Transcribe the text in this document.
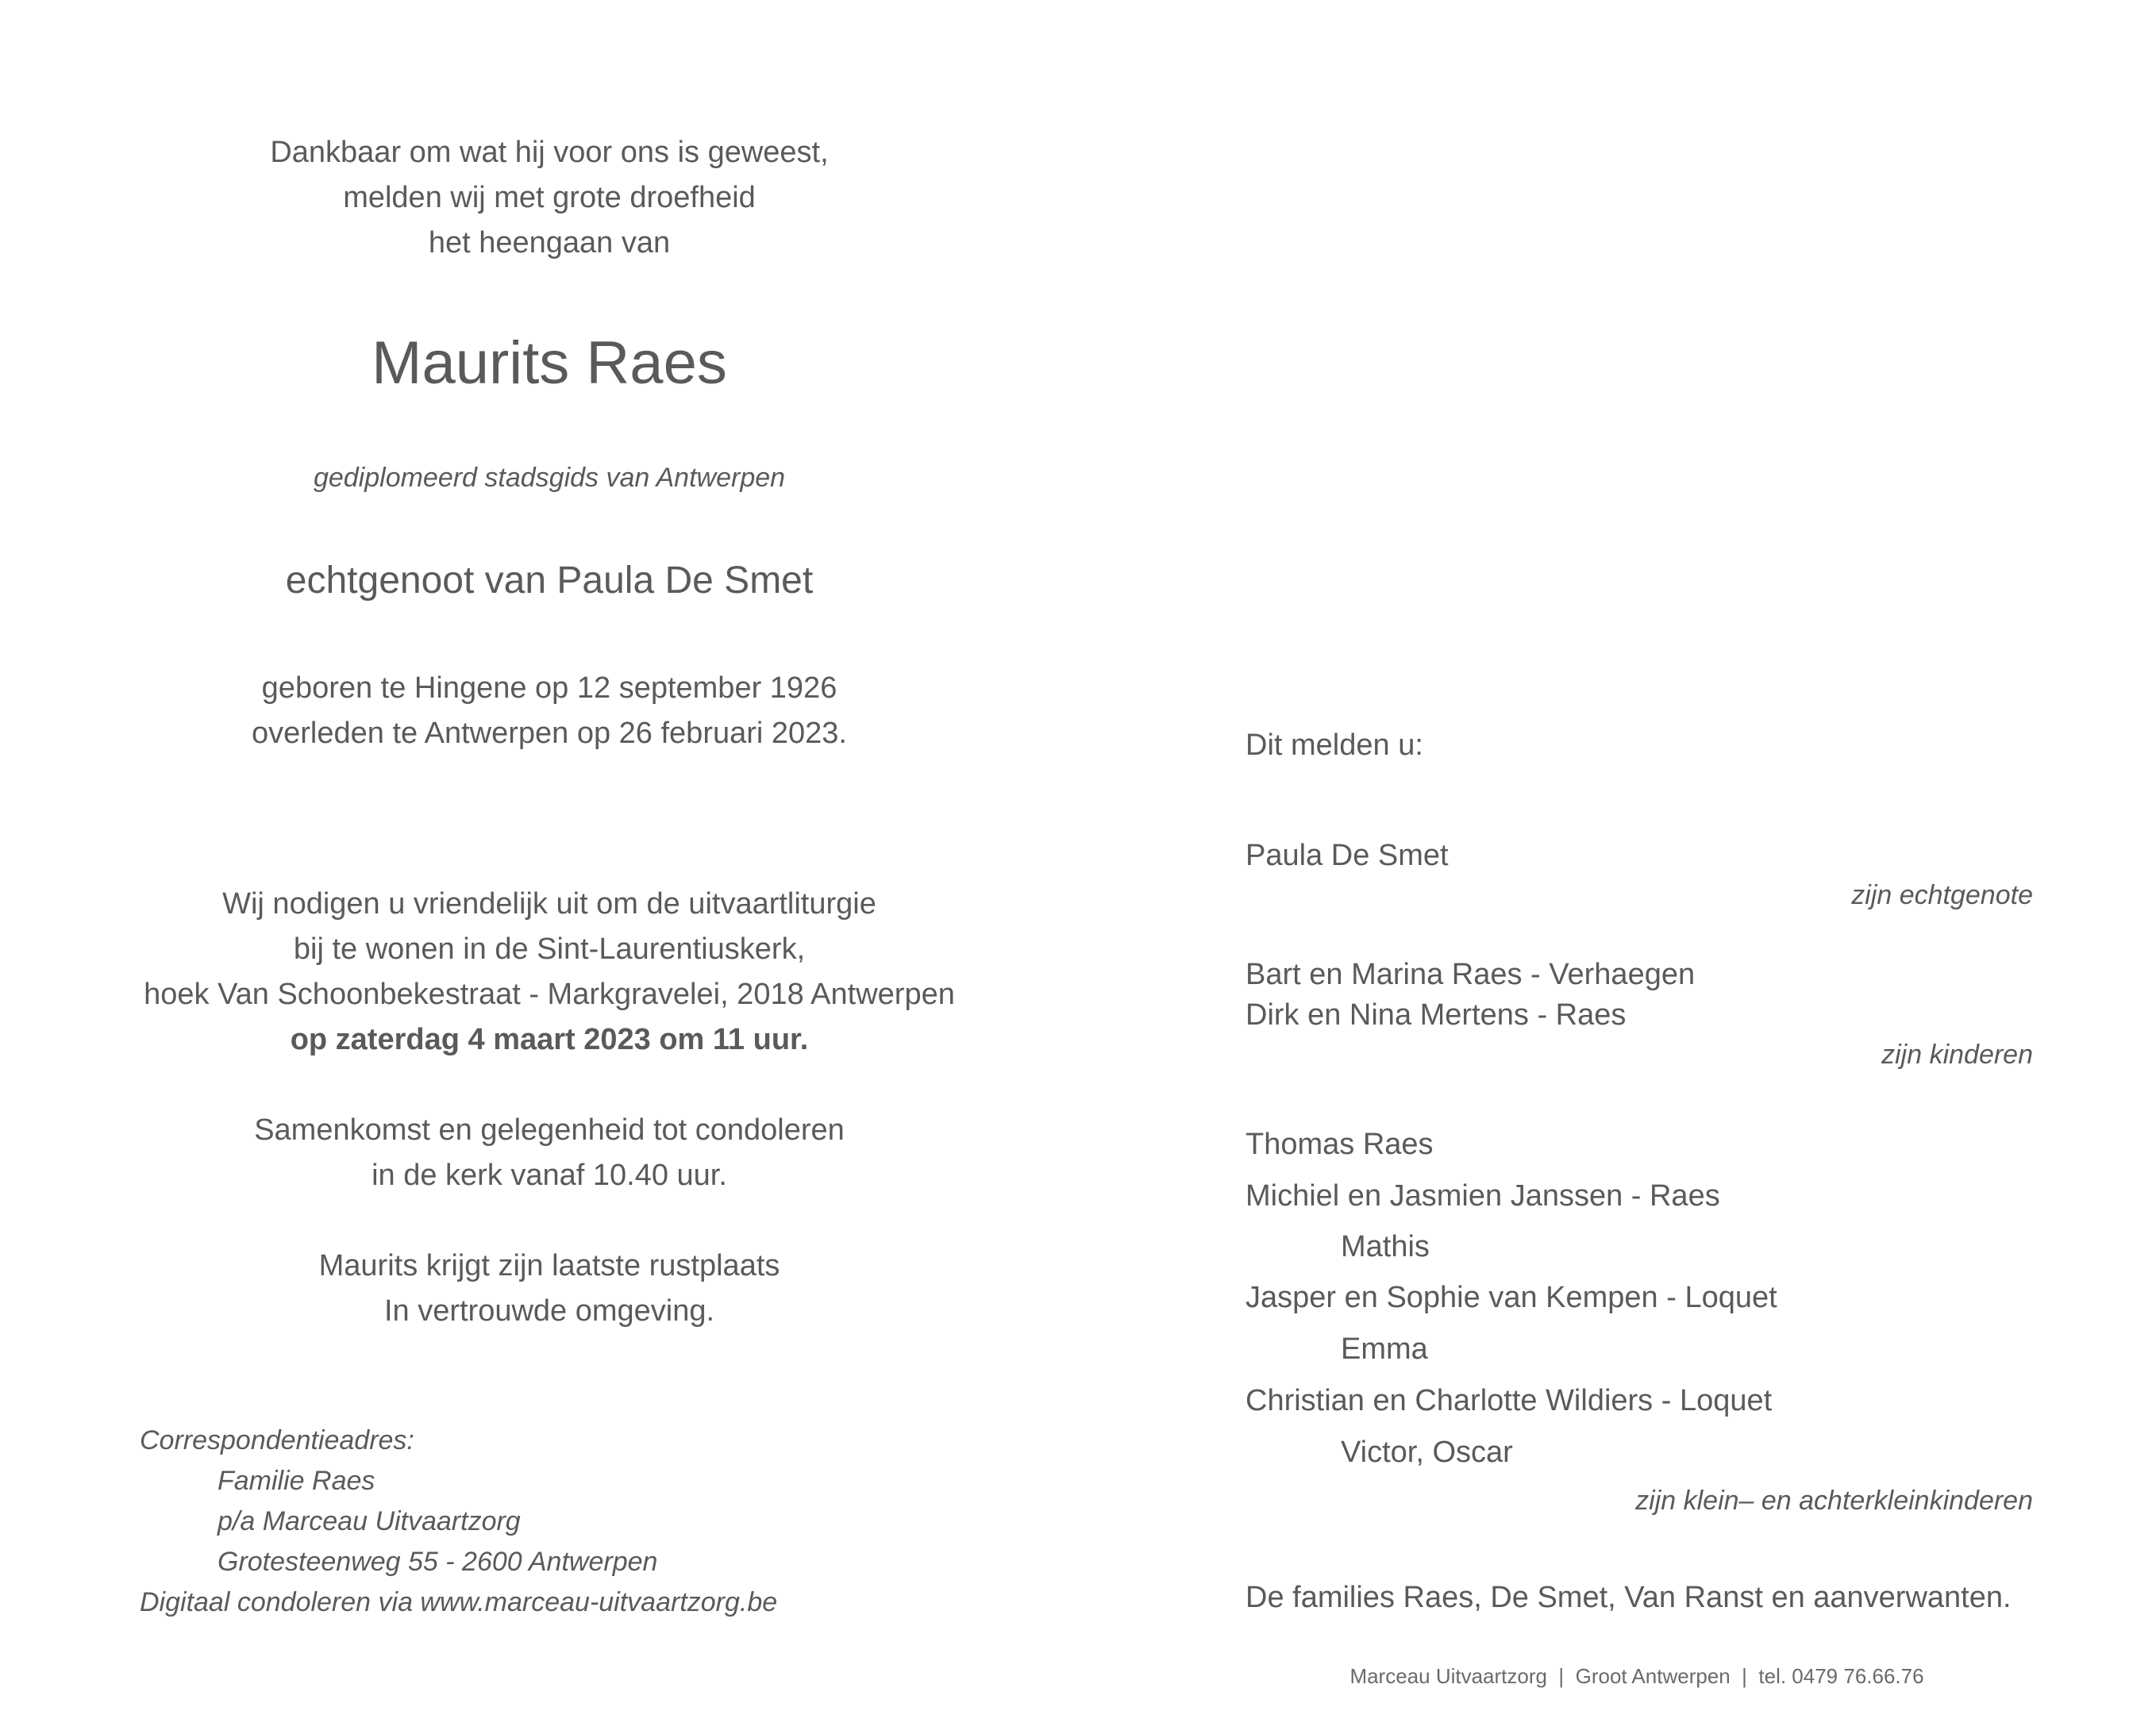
Dankbaar om wat hij voor ons is geweest,
melden wij met grote droefheid
het heengaan van
Maurits Raes
gediplomeerd stadsgids van Antwerpen
echtgenoot van Paula De Smet
geboren te Hingene op 12 september 1926
overleden te Antwerpen op 26 februari 2023.
Wij nodigen u vriendelijk uit om de uitvaartliturgie
bij te wonen in de Sint-Laurentiuskerk,
hoek Van Schoonbekestraat - Markgravelei, 2018 Antwerpen
op zaterdag 4 maart 2023 om 11 uur.
Samenkomst en gelegenheid tot condoleren
in de kerk vanaf 10.40 uur.
Maurits krijgt zijn laatste rustplaats
In vertrouwde omgeving.
Correspondentieadres:
Familie Raes
p/a Marceau Uitvaartzorg
Grotesteenweg 55 - 2600 Antwerpen
Digitaal condoleren via www.marceau-uitvaartzorg.be
Dit melden u:
Paula De Smet
zijn echtgenote
Bart en Marina Raes - Verhaegen
Dirk en Nina Mertens - Raes
zijn kinderen
Thomas Raes
Michiel en Jasmien Janssen - Raes
Mathis
Jasper en Sophie van Kempen - Loquet
Emma
Christian en Charlotte Wildiers - Loquet
Victor, Oscar
zijn klein– en achterkleinkinderen
De families Raes, De Smet, Van Ranst en aanverwanten.
Marceau Uitvaartzorg  |  Groot Antwerpen  |  tel. 0479 76.66.76
